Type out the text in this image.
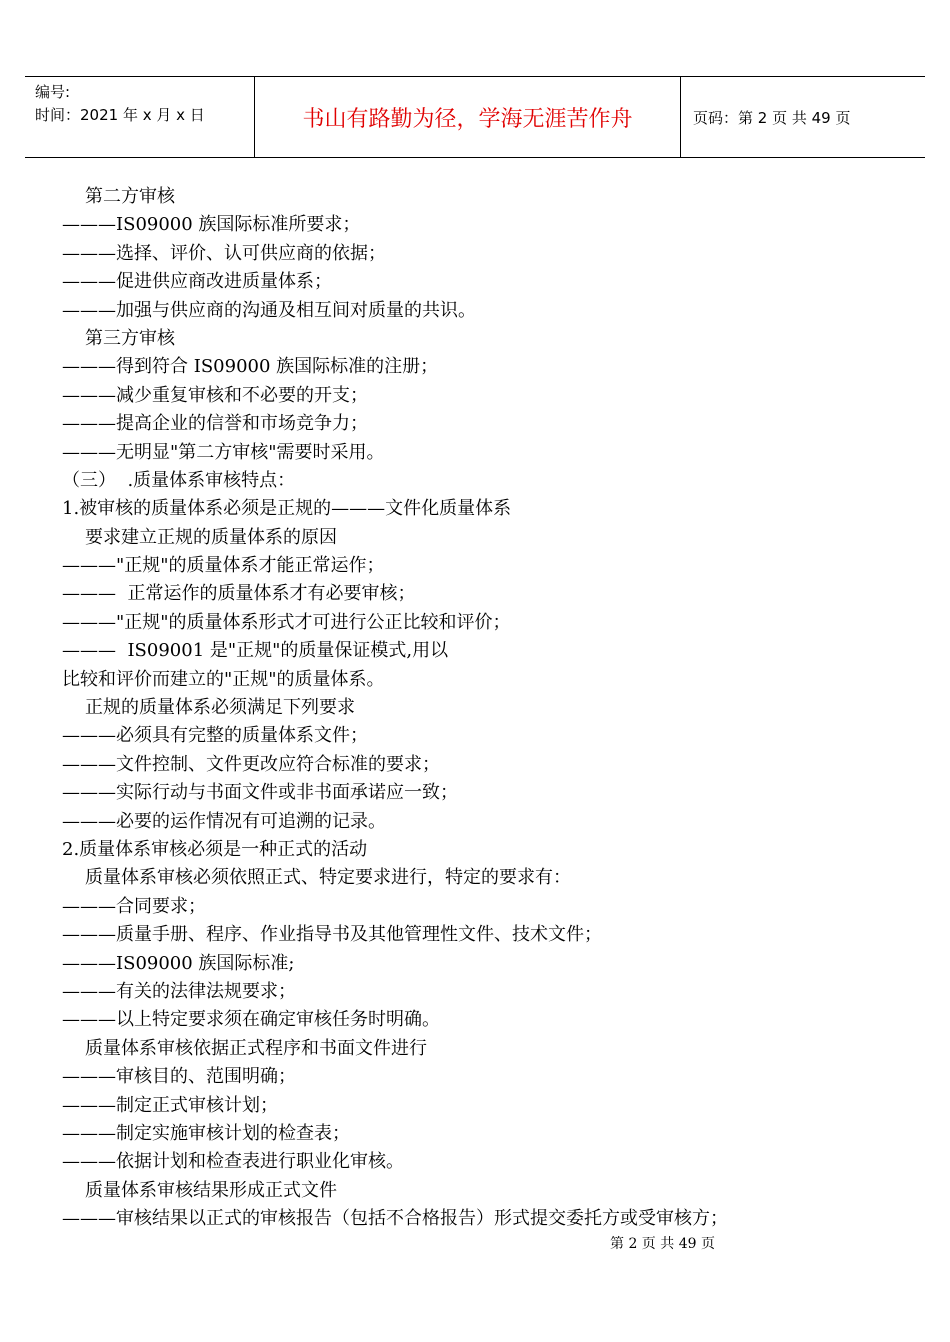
编号:
时间：2021 年 x 月 x 日	书山有路勤为径，学海无涯苦作舟	页码：第 2 页 共 49 页
第二方审核
———IS09000 族国际标准所要求；
———选择、评价、认可供应商的依据；
———促进供应商改进质量体系；
———加强与供应商的沟通及相互间对质量的共识。
第三方审核
———得到符合 IS09000 族国际标准的注册；
———减少重复审核和不必要的开支；
———提高企业的信誉和市场竞争力；
———无明显"第二方审核"需要时采用。
（三）  .质量体系审核特点：
1.被审核的质量体系必须是正规的———文件化质量体系
要求建立正规的质量体系的原因
———"正规"的质量体系才能正常运作；
———  正常运作的质量体系才有必要审核；
———"正规"的质量体系形式才可进行公正比较和评价；
———  IS09001 是"正规"的质量保证模式,用以
比较和评价而建立的"正规"的质量体系。
正规的质量体系必须满足下列要求
———必须具有完整的质量体系文件；
———文件控制、文件更改应符合标准的要求；
———实际行动与书面文件或非书面承诺应一致；
———必要的运作情况有可追溯的记录。
2.质量体系审核必须是一种正式的活动
质量体系审核必须依照正式、特定要求进行，特定的要求有：
———合同要求；
———质量手册、程序、作业指导书及其他管理性文件、技术文件；
———IS09000 族国际标准;
———有关的法律法规要求；
———以上特定要求须在确定审核任务时明确。
质量体系审核依据正式程序和书面文件进行
———审核目的、范围明确；
———制定正式审核计划；
———制定实施审核计划的检查表；
———依据计划和检查表进行职业化审核。
质量体系审核结果形成正式文件
———审核结果以正式的审核报告（包括不合格报告）形式提交委托方或受审核方；
第 2 页 共 49 页
